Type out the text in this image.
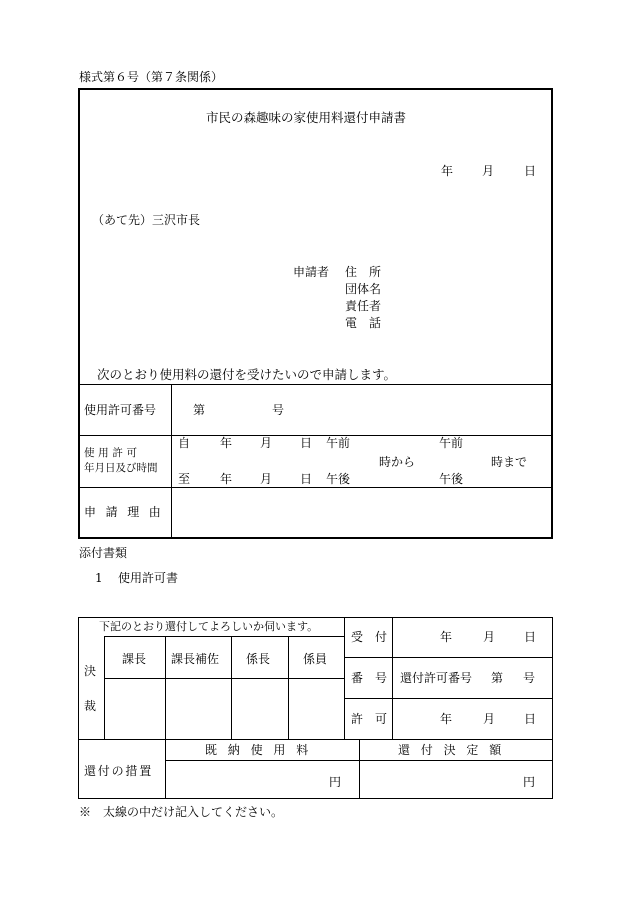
様式第６号（第７条関係）
市民の森趣味の家使用料還付申請書
年 月 日
（あて先）三沢市長
申請者 住　所
団体名
責任者
電　話
次のとおり使用料の還付を受けたいので申請します。
使用許可番号	第	号
使用許可
年月日及び時間
自 年 月 日 午前	午前
時から	時まで
至 年 月 日 午後	午後
申請理由
添付書類
1 使用許可書
下記のとおり還付してよろしいか伺います。
決
裁
課長 課長補佐 係長	係員
受　付	年	月 日
番　号 還付許可番号 第 号
許　可	年	月 日
還付の措置
既納使用料	還付決定額
円	円
※　太線の中だけ記入してください。
